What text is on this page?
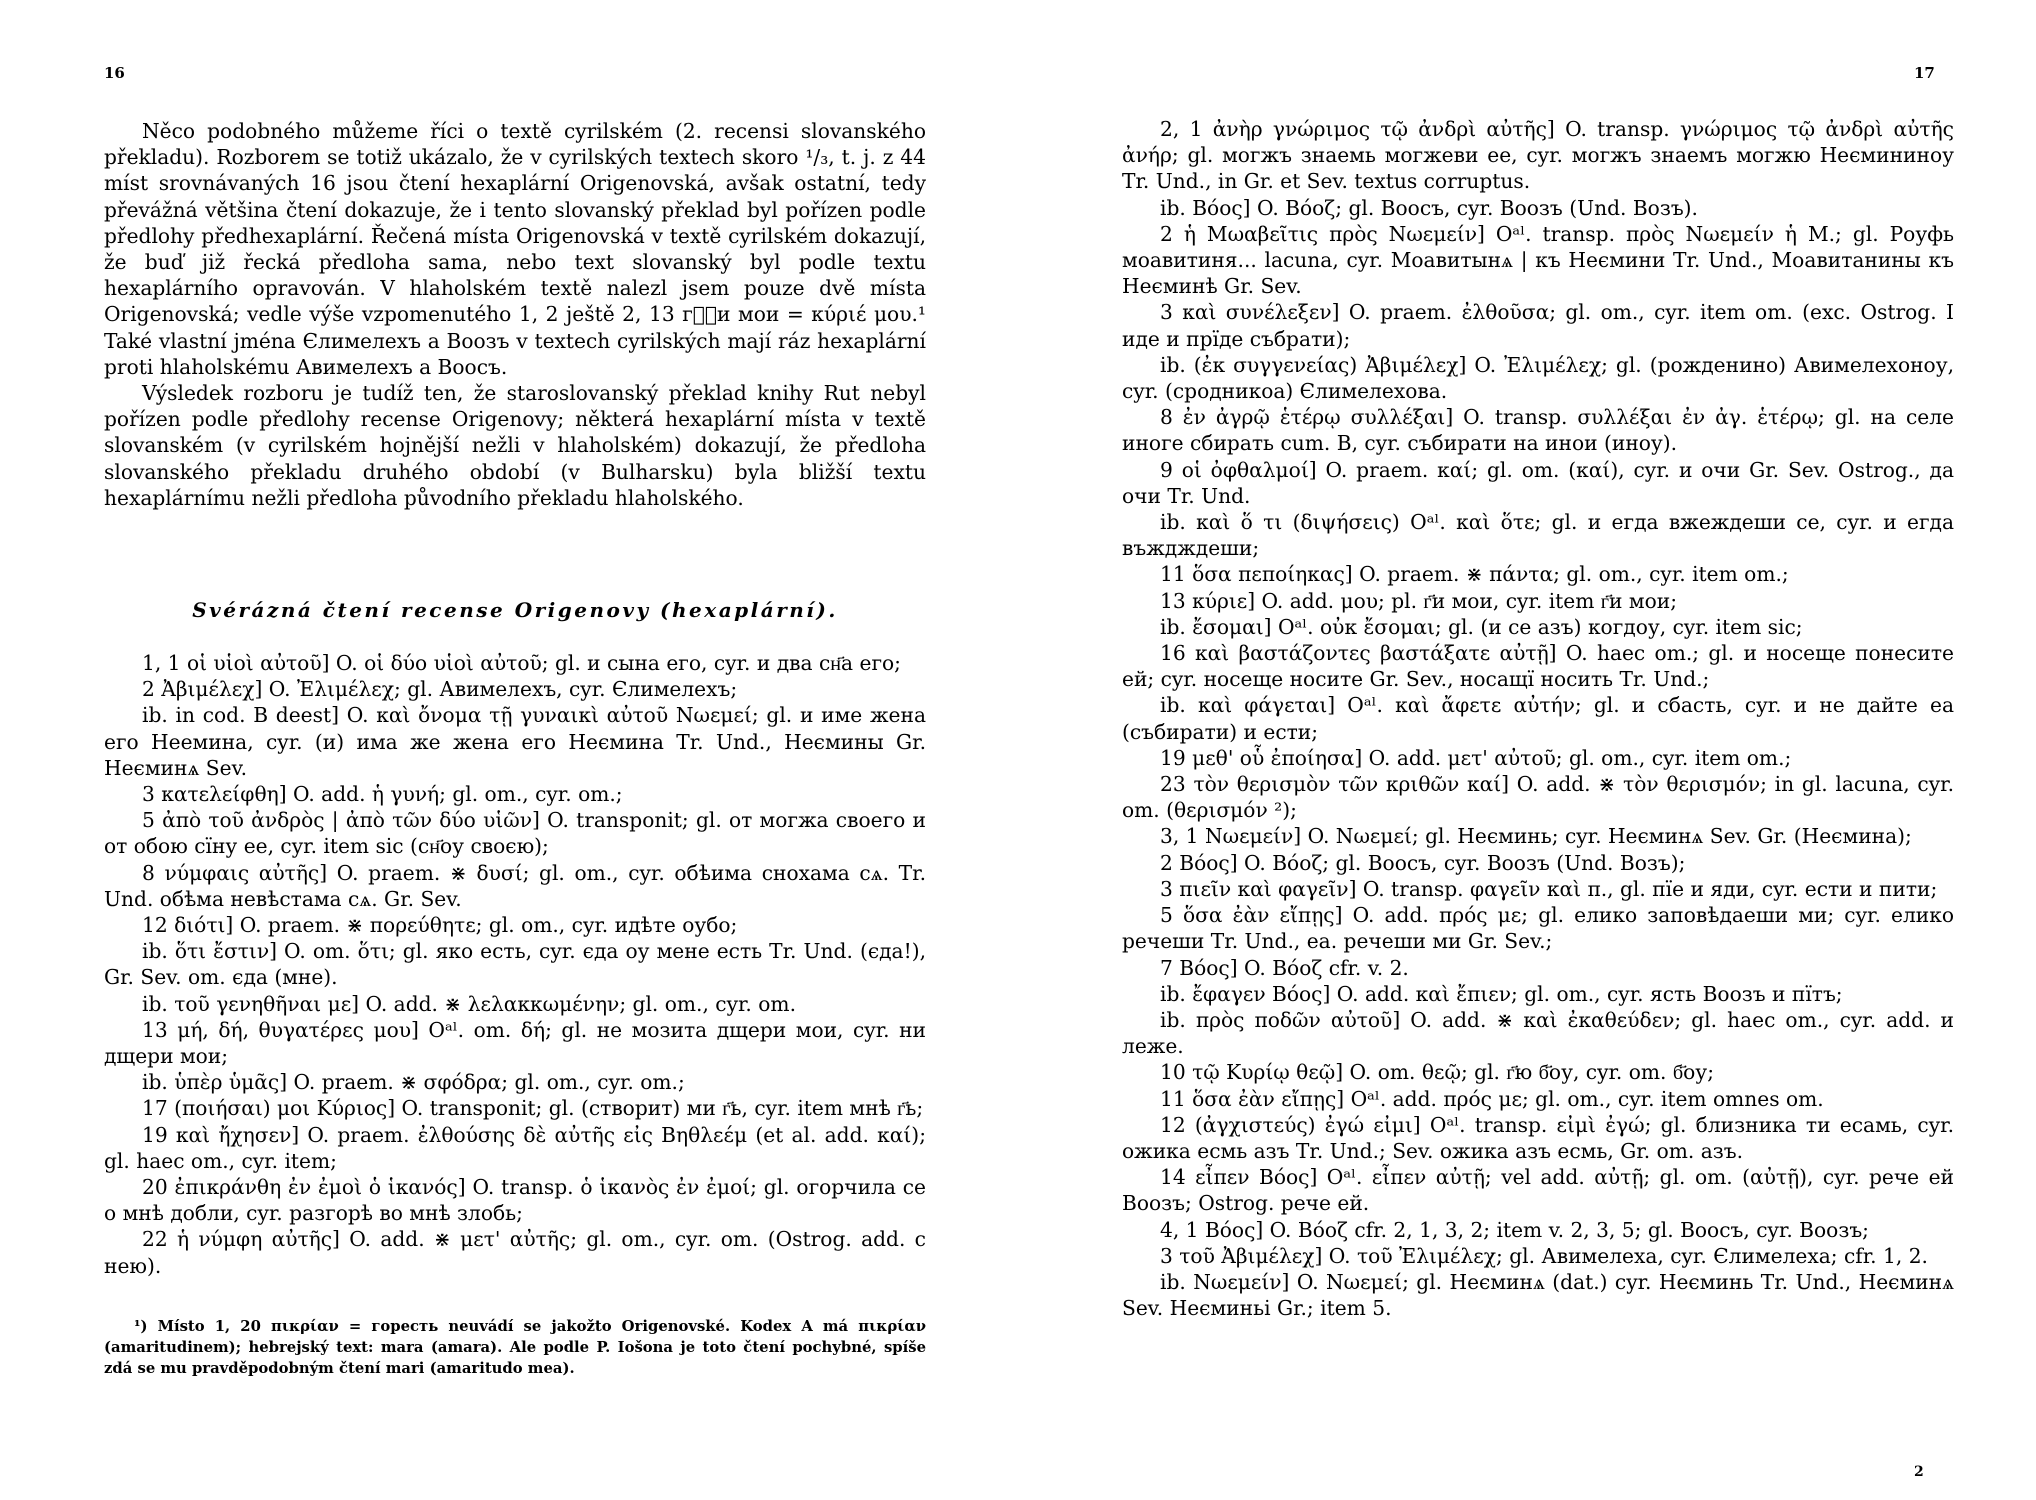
16

Něco podobného můžeme říci o textě cyrilském (2. recensi slovanského překladu). Rozborem se totiž ukázalo, že v cyrilských textech skoro ¹/₃, t. j. z 44 míst srovnávaných 16 jsou čtení hexaplární Origenovská, avšak ostatní, tedy převážná většina čtení dokazuje, že i tento slovanský překlad byl pořízen podle předlohy předhexaplární. Řečená místa Origenovská v textě cyrilském dokazují, že buď již řecká předloha sama, nebo text slovanský byl podle textu hexaplárního opravován. V hlaholském textě nalezl jsem pouze dvě místa Origenovská; vedle výše vzpomenutého 1, 2 ještě 2, 13 г҃ⷭи мои = κύριέ μου.¹ Také vlastní jména Єлимелехъ a Воозъ v textech cyrilských mají ráz hexaplární proti hlaholskému Авимелехъ a Воосъ.

Výsledek rozboru je tudíž ten, že staroslovanský překlad knihy Rut nebyl pořízen podle předlohy recense Origenovy; některá hexaplární místa v textě slovanském (v cyrilském hojnější nežli v hlaholském) dokazují, že předloha slovanského překladu druhého období (v Bulharsku) byla bližší textu hexaplárnímu nežli předloha původního překladu hlaholského.

Svérázná čtení recense Origenovy (hexaplární).

1, 1 οἱ υἱοὶ αὐτοῦ] O. οἱ δύο υἱοὶ αὐτοῦ; gl. и сына его, cyr. и два сн҃а его;

2 Ἀβιμέλεχ] O. Ἐλιμέλεχ; gl. Авимелехъ, cyr. Єлимелехъ;

ib. in cod. B deest] O. καὶ ὄνομα τῇ γυναικὶ αὐτοῦ Νωεμεί; gl. и име жена его Неемина, cyr. (и) има же жена его Неємина Tr. Und., Неємины Gr. Неєминѧ Sev.

3 κατελείφθη] O. add. ἡ γυνή; gl. om., cyr. om.;

5 ἀπὸ τοῦ ἀνδρὸς | ἀπὸ τῶν δύο υἱῶν] O. transponit; gl. от могжа своего и от обою сїну ее, cyr. item sic (сн҃оу своєю);

8 νύμφαις αὐτῆς] O. praem. ⋇ δυσί; gl. om., cyr. обѣима снохама сѧ. Tr. Und. обѣма невѣстама сѧ. Gr. Sev.

12 διότι] O. praem. ⋇ πορεύθητε; gl. om., cyr. идѣте оубо;

ib. ὅτι ἔστιν] O. om. ὅτι; gl. яко есть, cyr. єда оу мене есть Tr. Und. (єда!), Gr. Sev. om. єда (мне).

ib. τοῦ γενηθῆναι με] O. add. ⋇ λελακκωμένην; gl. om., cyr. om.

13 μή, δή, θυγατέρες μου] Oᵃˡ. om. δή; gl. не мозита дщери мои, cyr. ни дщери мои;

ib. ὑπὲρ ὑμᾶς] O. praem. ⋇ σφόδρα; gl. om., cyr. om.;

17 (ποιήσαι) μοι Κύριος] O. transponit; gl. (створит) ми г҃ь, cyr. item мнѣ г҃ь;

19 καὶ ἤχησεν] O. praem. ἐλθούσης δὲ αὐτῆς εἰς Βηθλεέμ (et al. add. καί); gl. haec om., cyr. item;

20 ἐπικράνθη ἐν ἐμοὶ ὁ ἱκανός] O. transp. ὁ ἱκανὸς ἐν ἐμοί; gl. огорчила се о мнѣ добли, cyr. разгорѣ во мнѣ злобь;

22 ἡ νύμφη αὐτῆς] O. add. ⋇ μετ' αὐτῆς; gl. om., cyr. om. (Ostrog. add. с нею).

¹) Místo 1, 20 πικρίαν = горесть neuvádí se jakožto Origenovské. Kodex A má πικρίαν (amaritudinem); hebrejský text: mara (amara). Ale podle P. Iošona je toto čtení pochybné, spíše zdá se mu pravděpodobným čtení mari (amaritudo mea).

17

2, 1 ἀνὴρ γνώριμος τῷ ἀνδρὶ αὐτῆς] O. transp. γνώριμος τῷ ἀνδρὶ αὐτῆς ἀνήρ; gl. могжъ знаемь могжеви ее, cyr. могжъ знаемъ могжю Неємининоу Tr. Und., in Gr. et Sev. textus corruptus.

ib. Βόος] O. Βόοζ; gl. Воосъ, cyr. Воозъ (Und. Возъ).

2 ἡ Μωαβεῖτις πρὸς Νωεμείν] Oᵃˡ. transp. πρὸς Νωεμείν ἡ M.; gl. Роуфь моавитиня... lacuna, cyr. Моавитынѧ | къ Неємини Tr. Und., Моавитанины къ Неєминѣ Gr. Sev.

3 καὶ συνέλεξεν] O. praem. ἐλθοῦσα; gl. om., cyr. item om. (exc. Ostrog. І иде и прїде събрати);

ib. (ἐκ συγγενείας) Ἀβιμέλεχ] O. Ἐλιμέλεχ; gl. (рожденино) Авимелехоноу, cyr. (сродникоа) Єлимелехова.

8 ἐν ἀγρῷ ἑτέρῳ συλλέξαι] O. transp. συλλέξαι ἐν ἀγ. ἑτέρῳ; gl. на селе иноге сбирать cum. B, cyr. събирати на инои (иноу).

9 οἱ ὀφθαλμοί] O. praem. καί; gl. om. (καί), cyr. и очи Gr. Sev. Ostrog., да очи Tr. Und.

ib. καὶ ὅ τι (διψήσεις) Oᵃˡ. καὶ ὅτε; gl. и егда вжеждеши се, cyr. и егда въждждеши;

11 ὅσα πεποίηκας] O. praem. ⋇ πάντα; gl. om., cyr. item om.;

13 κύριε] O. add. μου; pl. г҃и мои, cyr. item г҃и мои;

ib. ἔσομαι] Oᵃˡ. οὐκ ἔσομαι; gl. (и се азъ) когдоу, cyr. item sic;

16 καὶ βαστάζοντες βαστάξατε αὐτῇ] O. haec om.; gl. и носеще понесите ей; cyr. носеще носите Gr. Sev., носащї носить Tr. Und.;

ib. καὶ φάγεται] Oᵃˡ. καὶ ἄφετε αὐτήν; gl. и сбасть, cyr. и не дайте еа (събирати) и ести;

19 μεθ' οὗ ἐποίησα] O. add. μετ' αὐτοῦ; gl. om., cyr. item om.;

23 τὸν θερισμὸν τῶν κριθῶν καί] O. add. ⋇ τὸν θερισμόν; in gl. lacuna, cyr. om. (θερισμόν ²);

3, 1 Νωεμείν] O. Νωεμεί; gl. Неєминь; cyr. Неєминѧ Sev. Gr. (Неємина);

2 Βόος] O. Βόοζ; gl. Воосъ, cyr. Воозъ (Und. Возъ);

3 πιεῖν καὶ φαγεῖν] O. transp. φαγεῖν καὶ π., gl. пїе и яди, cyr. ести и пити;

5 ὅσα ἐὰν εἴπῃς] O. add. πρός με; gl. елико заповѣдаеши ми; cyr. елико речеши Tr. Und., еа. речеши ми Gr. Sev.;

7 Βόος] O. Βόοζ cfr. v. 2.

ib. ἔφαγεν Βόος] O. add. καὶ ἔπιεν; gl. om., cyr. ясть Воозъ и пїтъ;

ib. πρὸς ποδῶν αὐτοῦ] O. add. ⋇ καὶ ἐκαθεύδεν; gl. haec om., cyr. add. и леже.

10 τῷ Κυρίῳ θεῷ] O. om. θεῷ; gl. г҃ю б҃оу, cyr. om. б҃оу;

11 ὅσα ἐὰν εἴπῃς] Oᵃˡ. add. πρός με; gl. om., cyr. item omnes om.

12 (ἀγχιστεύς) ἐγώ εἰμι] Oᵃˡ. transp. εἰμὶ ἐγώ; gl. близника ти есамь, cyr. ожика есмь азъ Tr. Und.; Sev. ожика азъ есмь, Gr. om. азъ.

14 εἶπεν Βόος] Oᵃˡ. εἶπεν αὐτῇ; vel add. αὐτῇ; gl. om. (αὐτῇ), cyr. рече ей Воозъ; Ostrog. рече ей.

4, 1 Βόος] O. Βόοζ cfr. 2, 1, 3, 2; item v. 2, 3, 5; gl. Воосъ, cyr. Воозъ;

3 τοῦ Ἀβιμέλεχ] O. τοῦ Ἐλιμέλεχ; gl. Авимелеха, cyr. Єлимелеха; cfr. 1, 2.

ib. Νωεμείν] O. Νωεμεί; gl. Неєминѧ (dat.) cyr. Неєминь Tr. Und., Неєминѧ Sev. Неєминьі Gr.; item 5.

2
